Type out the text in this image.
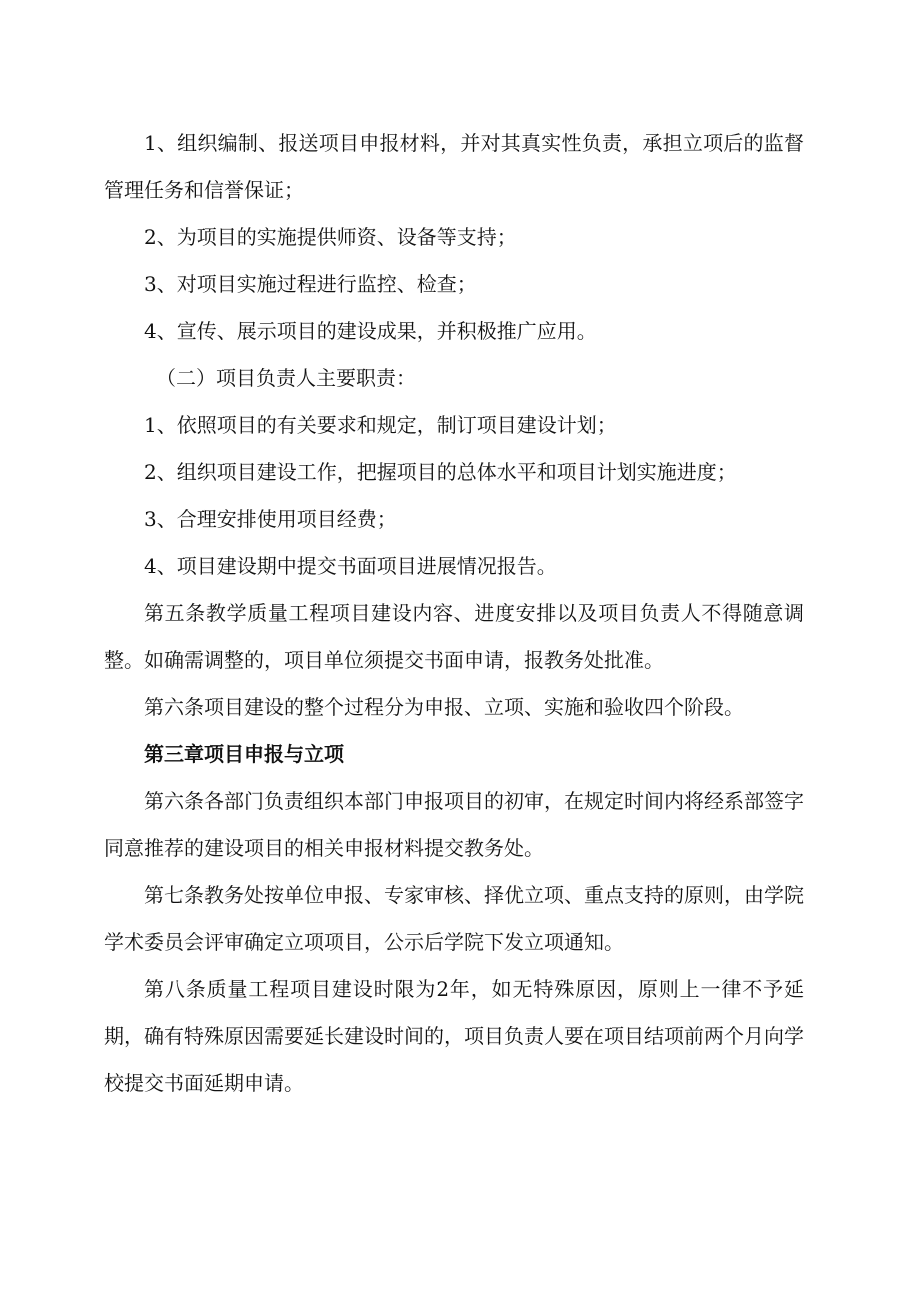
1、组织编制、报送项目申报材料，并对其真实性负责，承担立项后的监督管理任务和信誉保证；

2、为项目的实施提供师资、设备等支持；

3、对项目实施过程进行监控、检查；

4、宣传、展示项目的建设成果，并积极推广应用。

（二）项目负责人主要职责：

1、依照项目的有关要求和规定，制订项目建设计划；

2、组织项目建设工作，把握项目的总体水平和项目计划实施进度；

3、合理安排使用项目经费；

4、项目建设期中提交书面项目进展情况报告。

第五条教学质量工程项目建设内容、进度安排以及项目负责人不得随意调整。如确需调整的，项目单位须提交书面申请，报教务处批准。

第六条项目建设的整个过程分为申报、立项、实施和验收四个阶段。

第三章项目申报与立项

第六条各部门负责组织本部门申报项目的初审，在规定时间内将经系部签字同意推荐的建设项目的相关申报材料提交教务处。

第七条教务处按单位申报、专家审核、择优立项、重点支持的原则，由学院学术委员会评审确定立项项目，公示后学院下发立项通知。

第八条质量工程项目建设时限为2年，如无特殊原因，原则上一律不予延期，确有特殊原因需要延长建设时间的，项目负责人要在项目结项前两个月向学校提交书面延期申请。
